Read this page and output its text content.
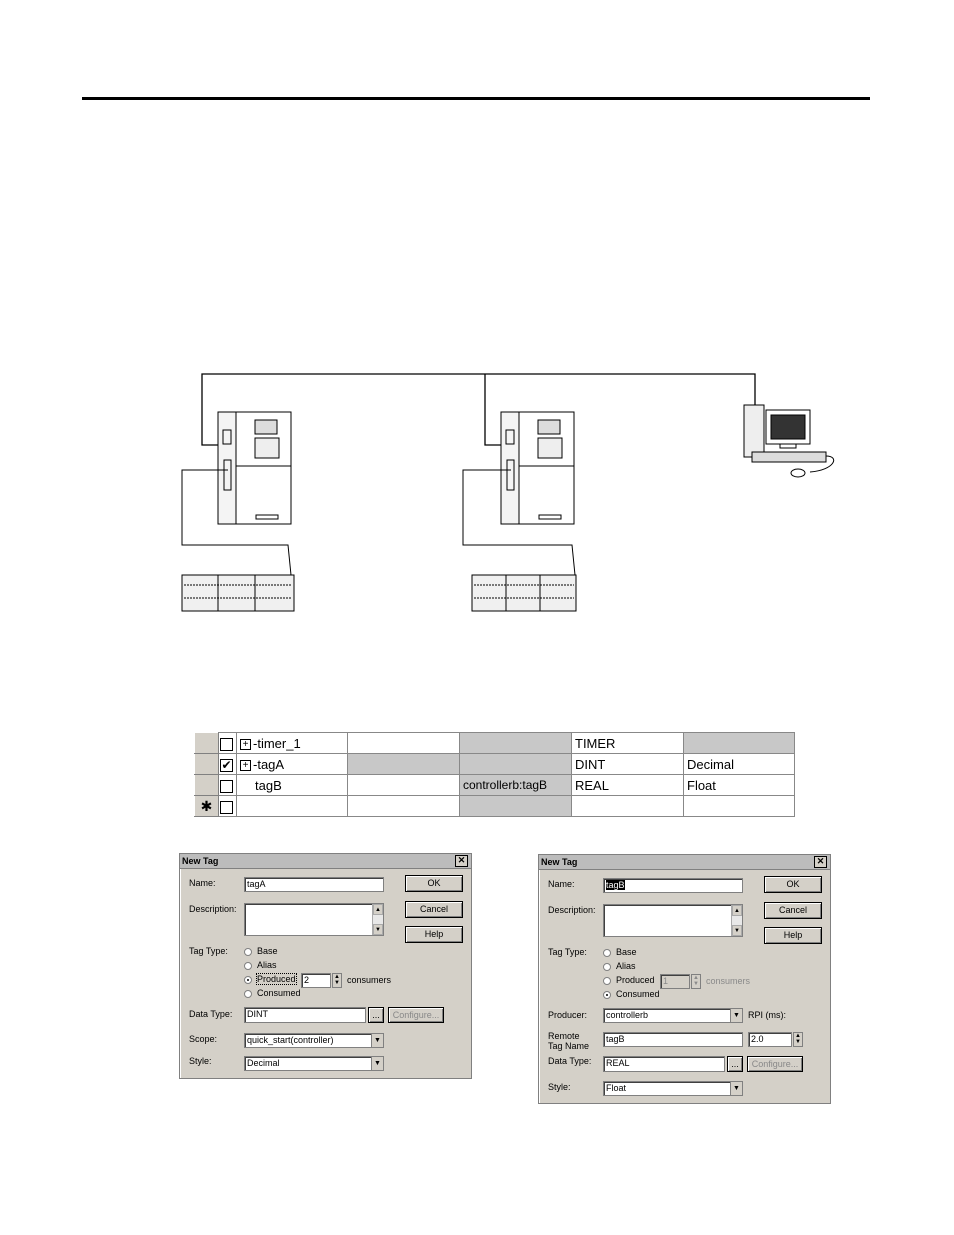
		+ -timer_1			TIMER	
	✔	+ -tagA			DINT	Decimal
		tagB		controllerb:tagB	REAL	Float
✱						
New Tag	✕
Name:	tagA
Description:	▲
▼
OK
Cancel
Help
Tag Type:	Base
Alias
Produced 2	▲
▼ consumers
Consumed
Data Type:	DINT	...	Configure...
Scope:	quick_start(controller)	▼
Style:	Decimal	▼
New Tag	✕
Name:	tagB
Description:	▲
▼
OK
Cancel
Help
Tag Type:	Base
Alias
Produced 1	▲
▼ consumers
Consumed
Producer:	controllerb	▼ RPI (ms):
Remote
Tag Name
tagB	2.0	▲
▼
Data Type:	REAL	...	Configure...
Style:	Float	▼
